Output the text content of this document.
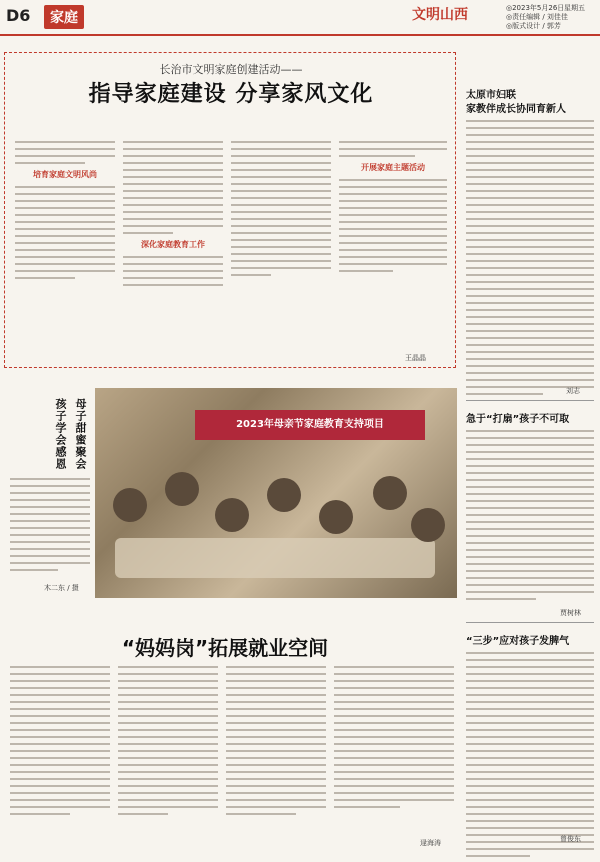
D6	家庭	文明山西	◎2023年5月26日 星期五
◎责任编辑 / 刘佳佳
◎版式设计 / 郭芳
长治市文明家庭创建活动——
指导家庭建设 分享家风文化
培育家庭文明风尚
深化家庭教育工作
开展家庭主题活动
王晶晶
母子甜蜜聚会
孩子学会感恩
木二东 / 摄
2023年母亲节家庭教育支持项目
“妈妈岗”拓展就业空间
逯海涛
太原市妇联
家教伴成长协同育新人
刘志
急于“打扇”孩子不可取
贾树林
“三步”应对孩子发脾气
曾俊东
